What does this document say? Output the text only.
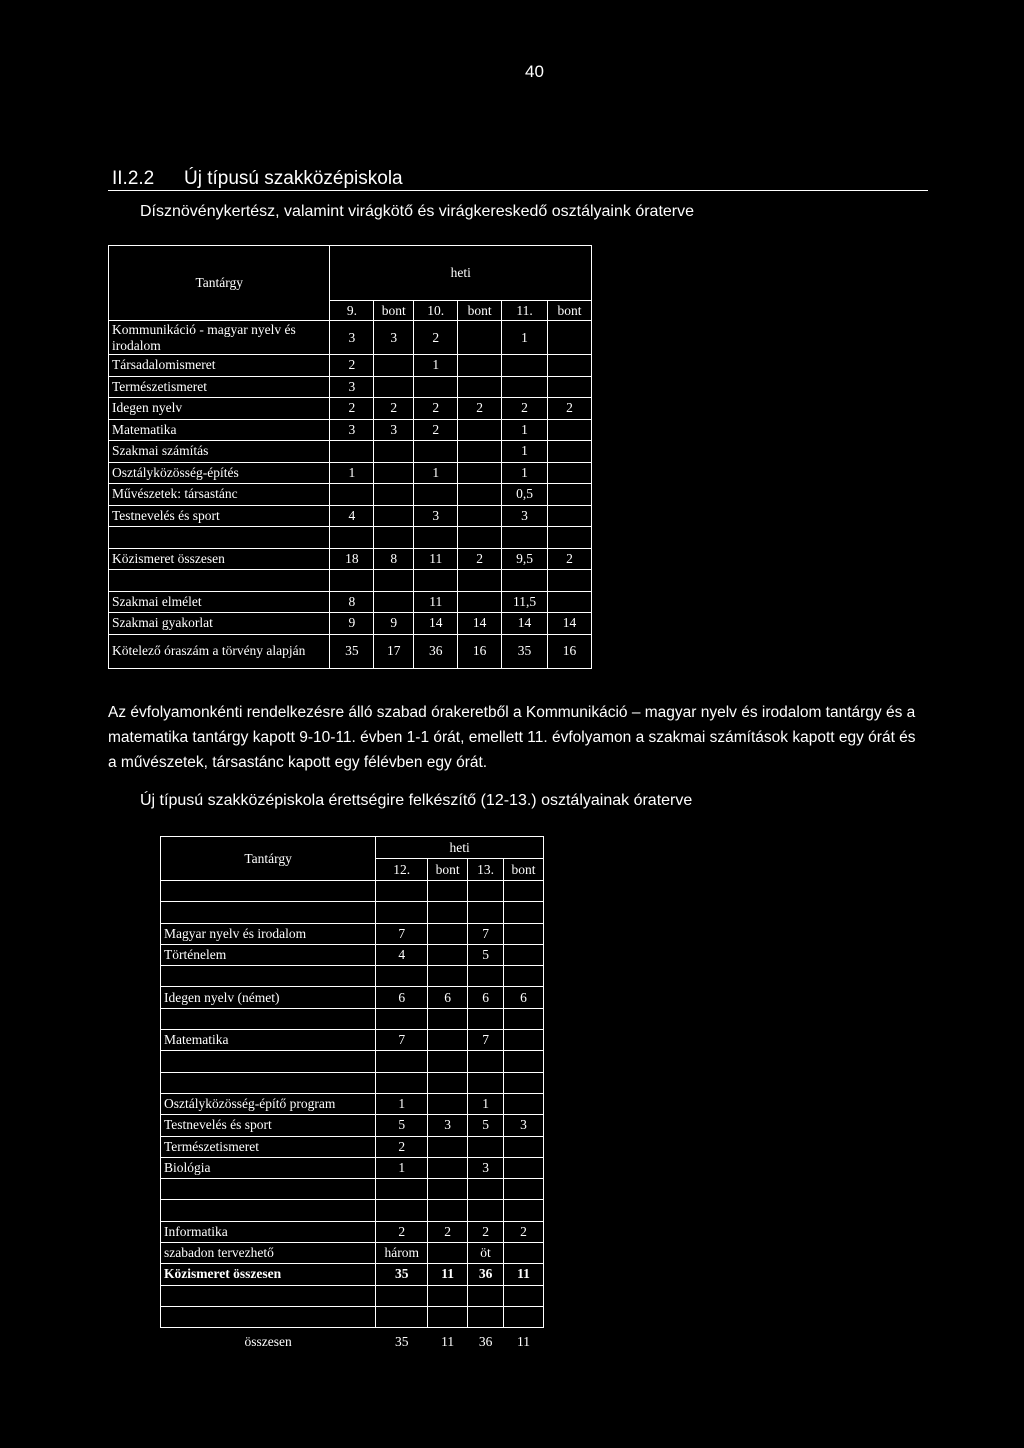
40
II.2.2 Új típusú szakközépiskola
Dísznövénykertész, valamint virágkötő és virágkereskedő osztályaink óraterve
Tantárgy	heti					
	9.	bont	10.	bont	11.	bont
Kommunikáció - magyar nyelv és irodalom	3	3	2		1	
Társadalomismeret	2		1			
Természetismeret	3					
Idegen nyelv	2	2	2	2	2	2
Matematika	3	3	2		1	
Szakmai számítás					1	
Osztályközösség-építés	1		1		1	
Művészetek: társastánc					0,5	
Testnevelés és sport	4		3		3	

Közismeret összesen	18	8	11	2	9,5	2

Szakmai elmélet	8		11		11,5	
Szakmai gyakorlat	9	9	14	14	14	14
Kötelező óraszám a törvény alapján	35	17	36	16	35	16
Az évfolyamonkénti rendelkezésre álló szabad órakeretből a Kommunikáció – magyar nyelv és irodalom tantárgy és a matematika tantárgy kapott 9-10-11. évben 1-1 órát, emellett 11. évfolyamon a szakmai számítások kapott egy órát és a művészetek, társastánc kapott egy félévben egy órát.
Új típusú szakközépiskola érettségire felkészítő (12-13.) osztályainak óraterve
Tantárgy	heti			
	12.	bont	13.	bont

Magyar nyelv és irodalom	7		7	
Történelem	4		5	

Idegen nyelv (német)	6	6	6	6

Matematika	7		7	

Osztályközösség-építő program	1		1	
Testnevelés és sport	5	3	5	3
Természetismeret	2			
Biológia	1		3	

Informatika	2	2	2	2
szabadon tervezhető	három		öt	
Közismeret összesen	35	11	36	11

összesen	35	11	36	11
